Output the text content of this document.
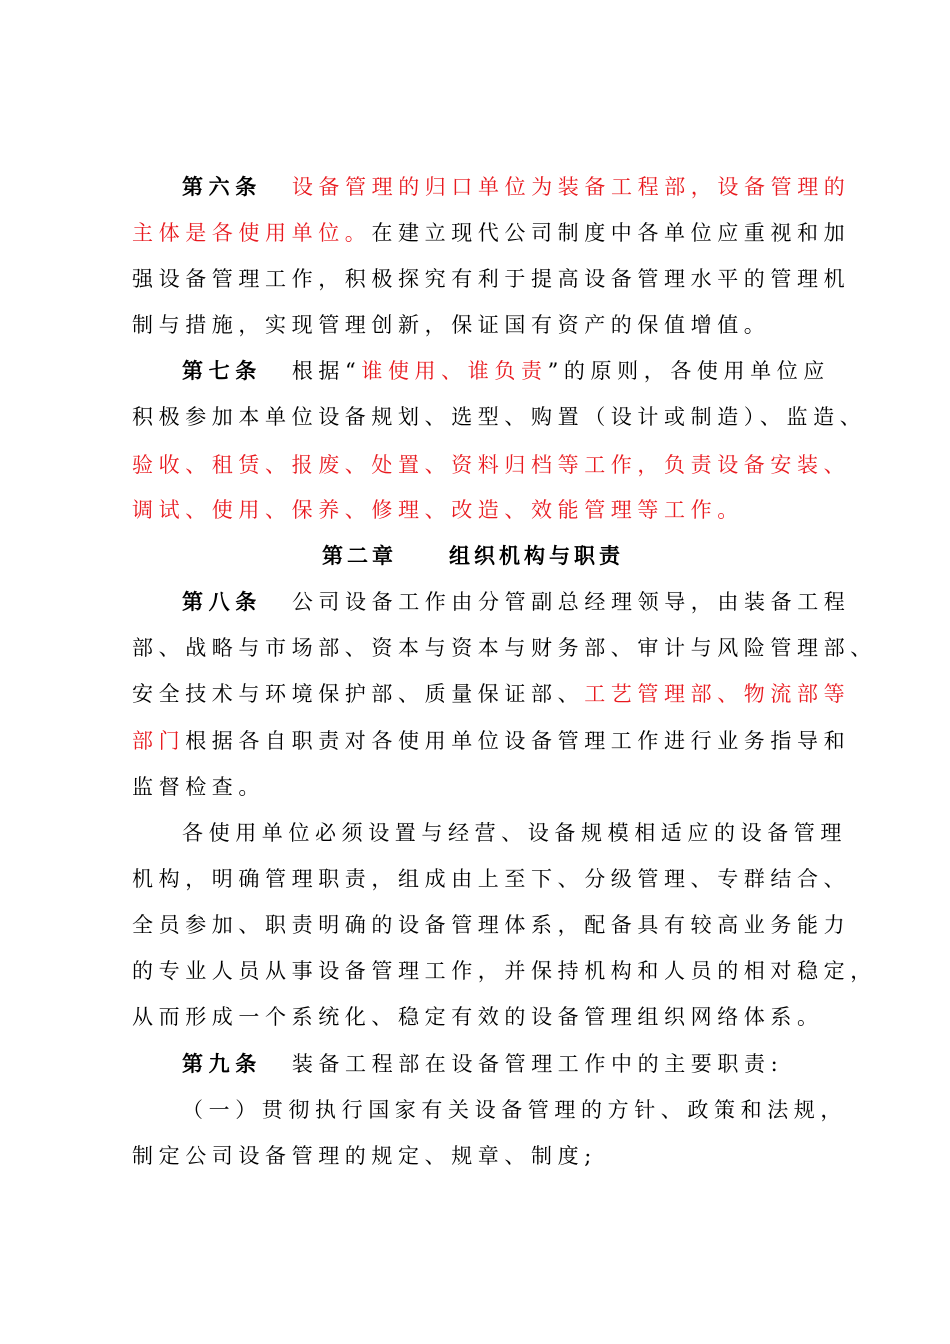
第六条 设备管理的归口单位为装备工程部，设备管理的
主体是各使用单位。在建立现代公司制度中各单位应重视和加
强设备管理工作，积极探究有利于提高设备管理水平的管理机
制与措施，实现管理创新，保证国有资产的保值增值。
第七条 根据“谁使用、谁负责”的原则，各使用单位应
积极参加本单位设备规划、选型、购置（设计或制造）、监造、
验收、租赁、报废、处置、资料归档等工作，负责设备安装、
调试、使用、保养、修理、改造、效能管理等工作。
第二章 组织机构与职责
第八条 公司设备工作由分管副总经理领导，由装备工程
部、战略与市场部、资本与资本与财务部、审计与风险管理部、
安全技术与环境保护部、质量保证部、工艺管理部、物流部等
部门根据各自职责对各使用单位设备管理工作进行业务指导和
监督检查。
各使用单位必须设置与经营、设备规模相适应的设备管理
机构，明确管理职责，组成由上至下、分级管理、专群结合、
全员参加、职责明确的设备管理体系，配备具有较高业务能力
的专业人员从事设备管理工作，并保持机构和人员的相对稳定，
从而形成一个系统化、稳定有效的设备管理组织网络体系。
第九条 装备工程部在设备管理工作中的主要职责:
（一）贯彻执行国家有关设备管理的方针、政策和法规，
制定公司设备管理的规定、规章、制度;
